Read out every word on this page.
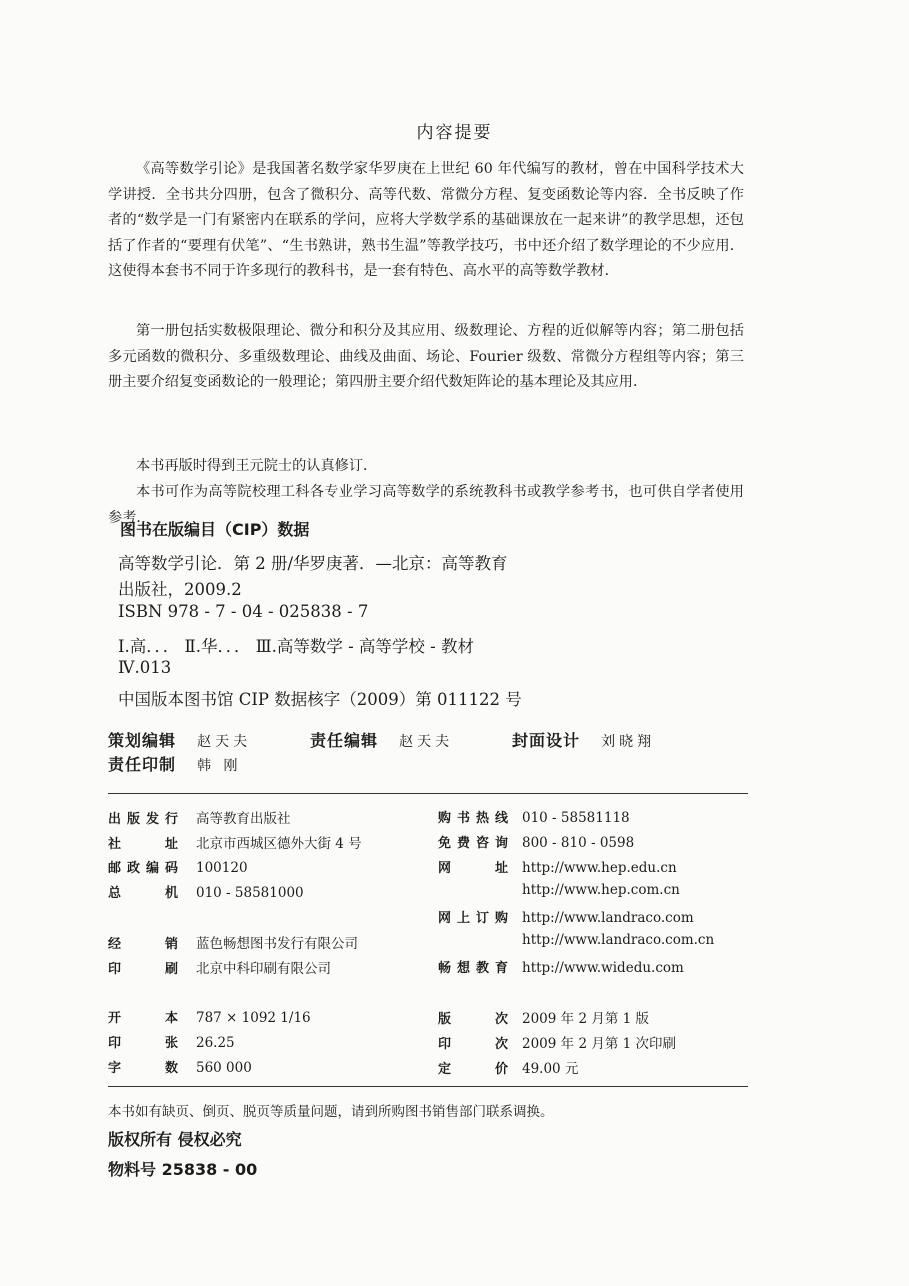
内容提要

《高等数学引论》是我国著名数学家华罗庚在上世纪 60 年代编写的教材，曾在中国科学技术大学讲授．全书共分四册，包含了微积分、高等代数、常微分方程、复变函数论等内容．全书反映了作者的“数学是一门有紧密内在联系的学问，应将大学数学系的基础课放在一起来讲”的教学思想，还包括了作者的“要理有伏笔”、“生书熟讲，熟书生温”等教学技巧，书中还介绍了数学理论的不少应用．这使得本套书不同于许多现行的教科书，是一套有特色、高水平的高等数学教材．

第一册包括实数极限理论、微分和积分及其应用、级数理论、方程的近似解等内容；第二册包括多元函数的微积分、多重级数理论、曲线及曲面、场论、Fourier 级数、常微分方程组等内容；第三册主要介绍复变函数论的一般理论；第四册主要介绍代数矩阵论的基本理论及其应用．

本书再版时得到王元院士的认真修订．

本书可作为高等院校理工科各专业学习高等数学的系统教科书或教学参考书，也可供自学者使用参考．

图书在版编目（CIP）数据
高等数学引论．第 2 册/华罗庚著．—北京：高等教育
出版社，2009.2
ISBN 978 - 7 - 04 - 025838 - 7
Ⅰ.高．．． Ⅱ.华．．． Ⅲ.高等数学 - 高等学校 - 教材
Ⅳ.013
中国版本图书馆 CIP 数据核字（2009）第 011122 号
策划编辑 赵天夫	责任编辑 赵天夫	封面设计 刘晓翔
责任印制 韩 刚
出版发行 高等教育出版社
社址 北京市西城区德外大街 4 号
邮政编码 100120
总机 010 - 58581000
经销 蓝色畅想图书发行有限公司
印刷 北京中科印刷有限公司
开本 787 × 1092 1/16
印张 26.25
字数 560 000
购书热线 010 - 58581118
免费咨询 800 - 810 - 0598
网址 http://www.hep.edu.cn
http://www.hep.com.cn
网上订购 http://www.landraco.com
http://www.landraco.com.cn
畅想教育 http://www.widedu.com
版次 2009 年 2 月第 1 版
印次 2009 年 2 月第 1 次印刷
定价 49.00 元
本书如有缺页、倒页、脱页等质量问题，请到所购图书销售部门联系调换。
版权所有 侵权必究
物料号 25838 - 00
